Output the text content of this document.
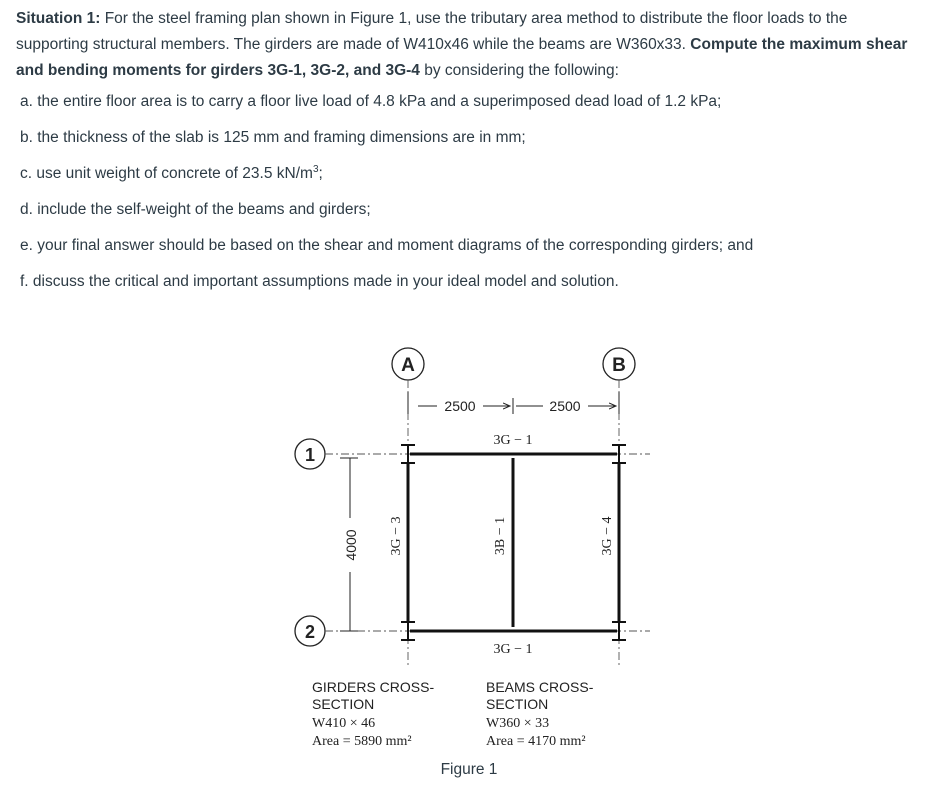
Situation 1: For the steel framing plan shown in Figure 1, use the tributary area method to distribute the floor loads to the supporting structural members. The girders are made of W410x46 while the beams are W360x33. Compute the maximum shear and bending moments for girders 3G-1, 3G-2, and 3G-4 by considering the following:

a. the entire floor area is to carry a floor live load of 4.8 kPa and a superimposed dead load of 1.2 kPa;

b. the thickness of the slab is 125 mm and framing dimensions are in mm;

c. use unit weight of concrete of 23.5 $kN/m^3$;

d. include the self-weight of the beams and girders;

e. your final answer should be based on the shear and moment diagrams of the corresponding girders; and

f. discuss the critical and important assumptions made in your ideal model and solution.

A	B
1
2
2500	2500
4000
3G − 1
3G − 1
3G − 3	3B − 1	3G − 4
GIRDERS CROSS-
SECTION
W410 × 46
Area = 5890 mm²
BEAMS CROSS-
SECTION
W360 × 33
Area = 4170 mm²
Figure 1
